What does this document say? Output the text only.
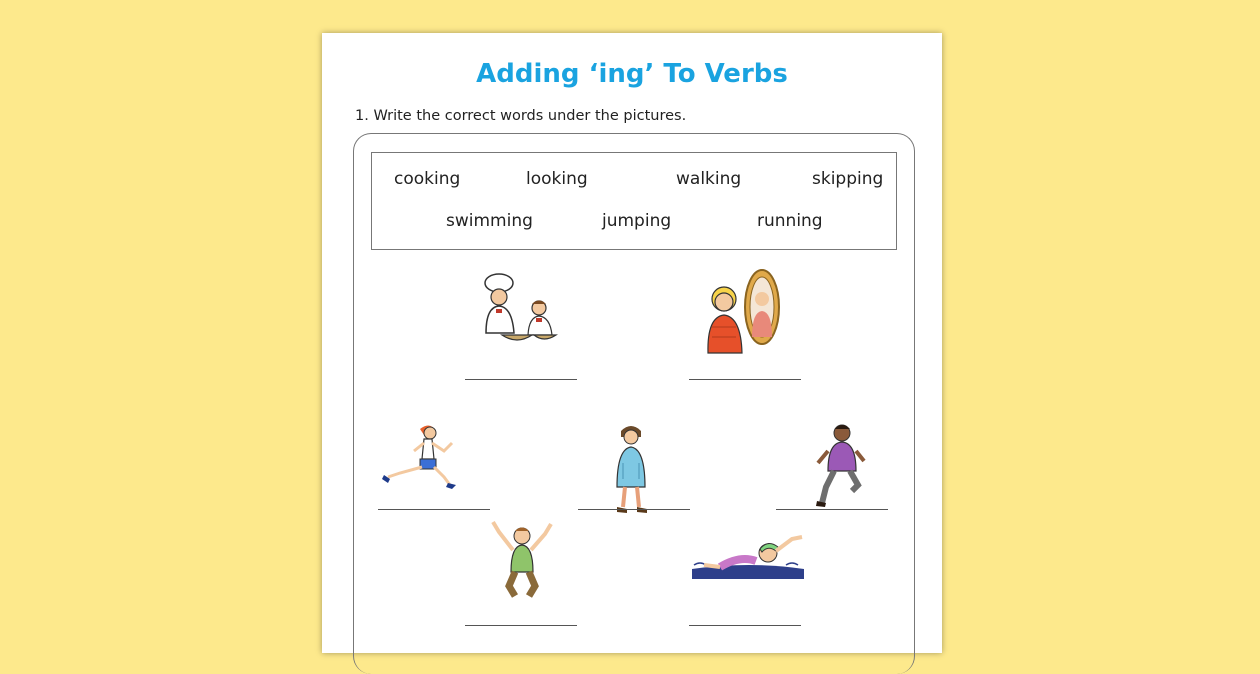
Adding ‘ing’ To Verbs
1. Write the correct words under the pictures.
cooking	looking	walking	skipping
swimming	jumping	running
